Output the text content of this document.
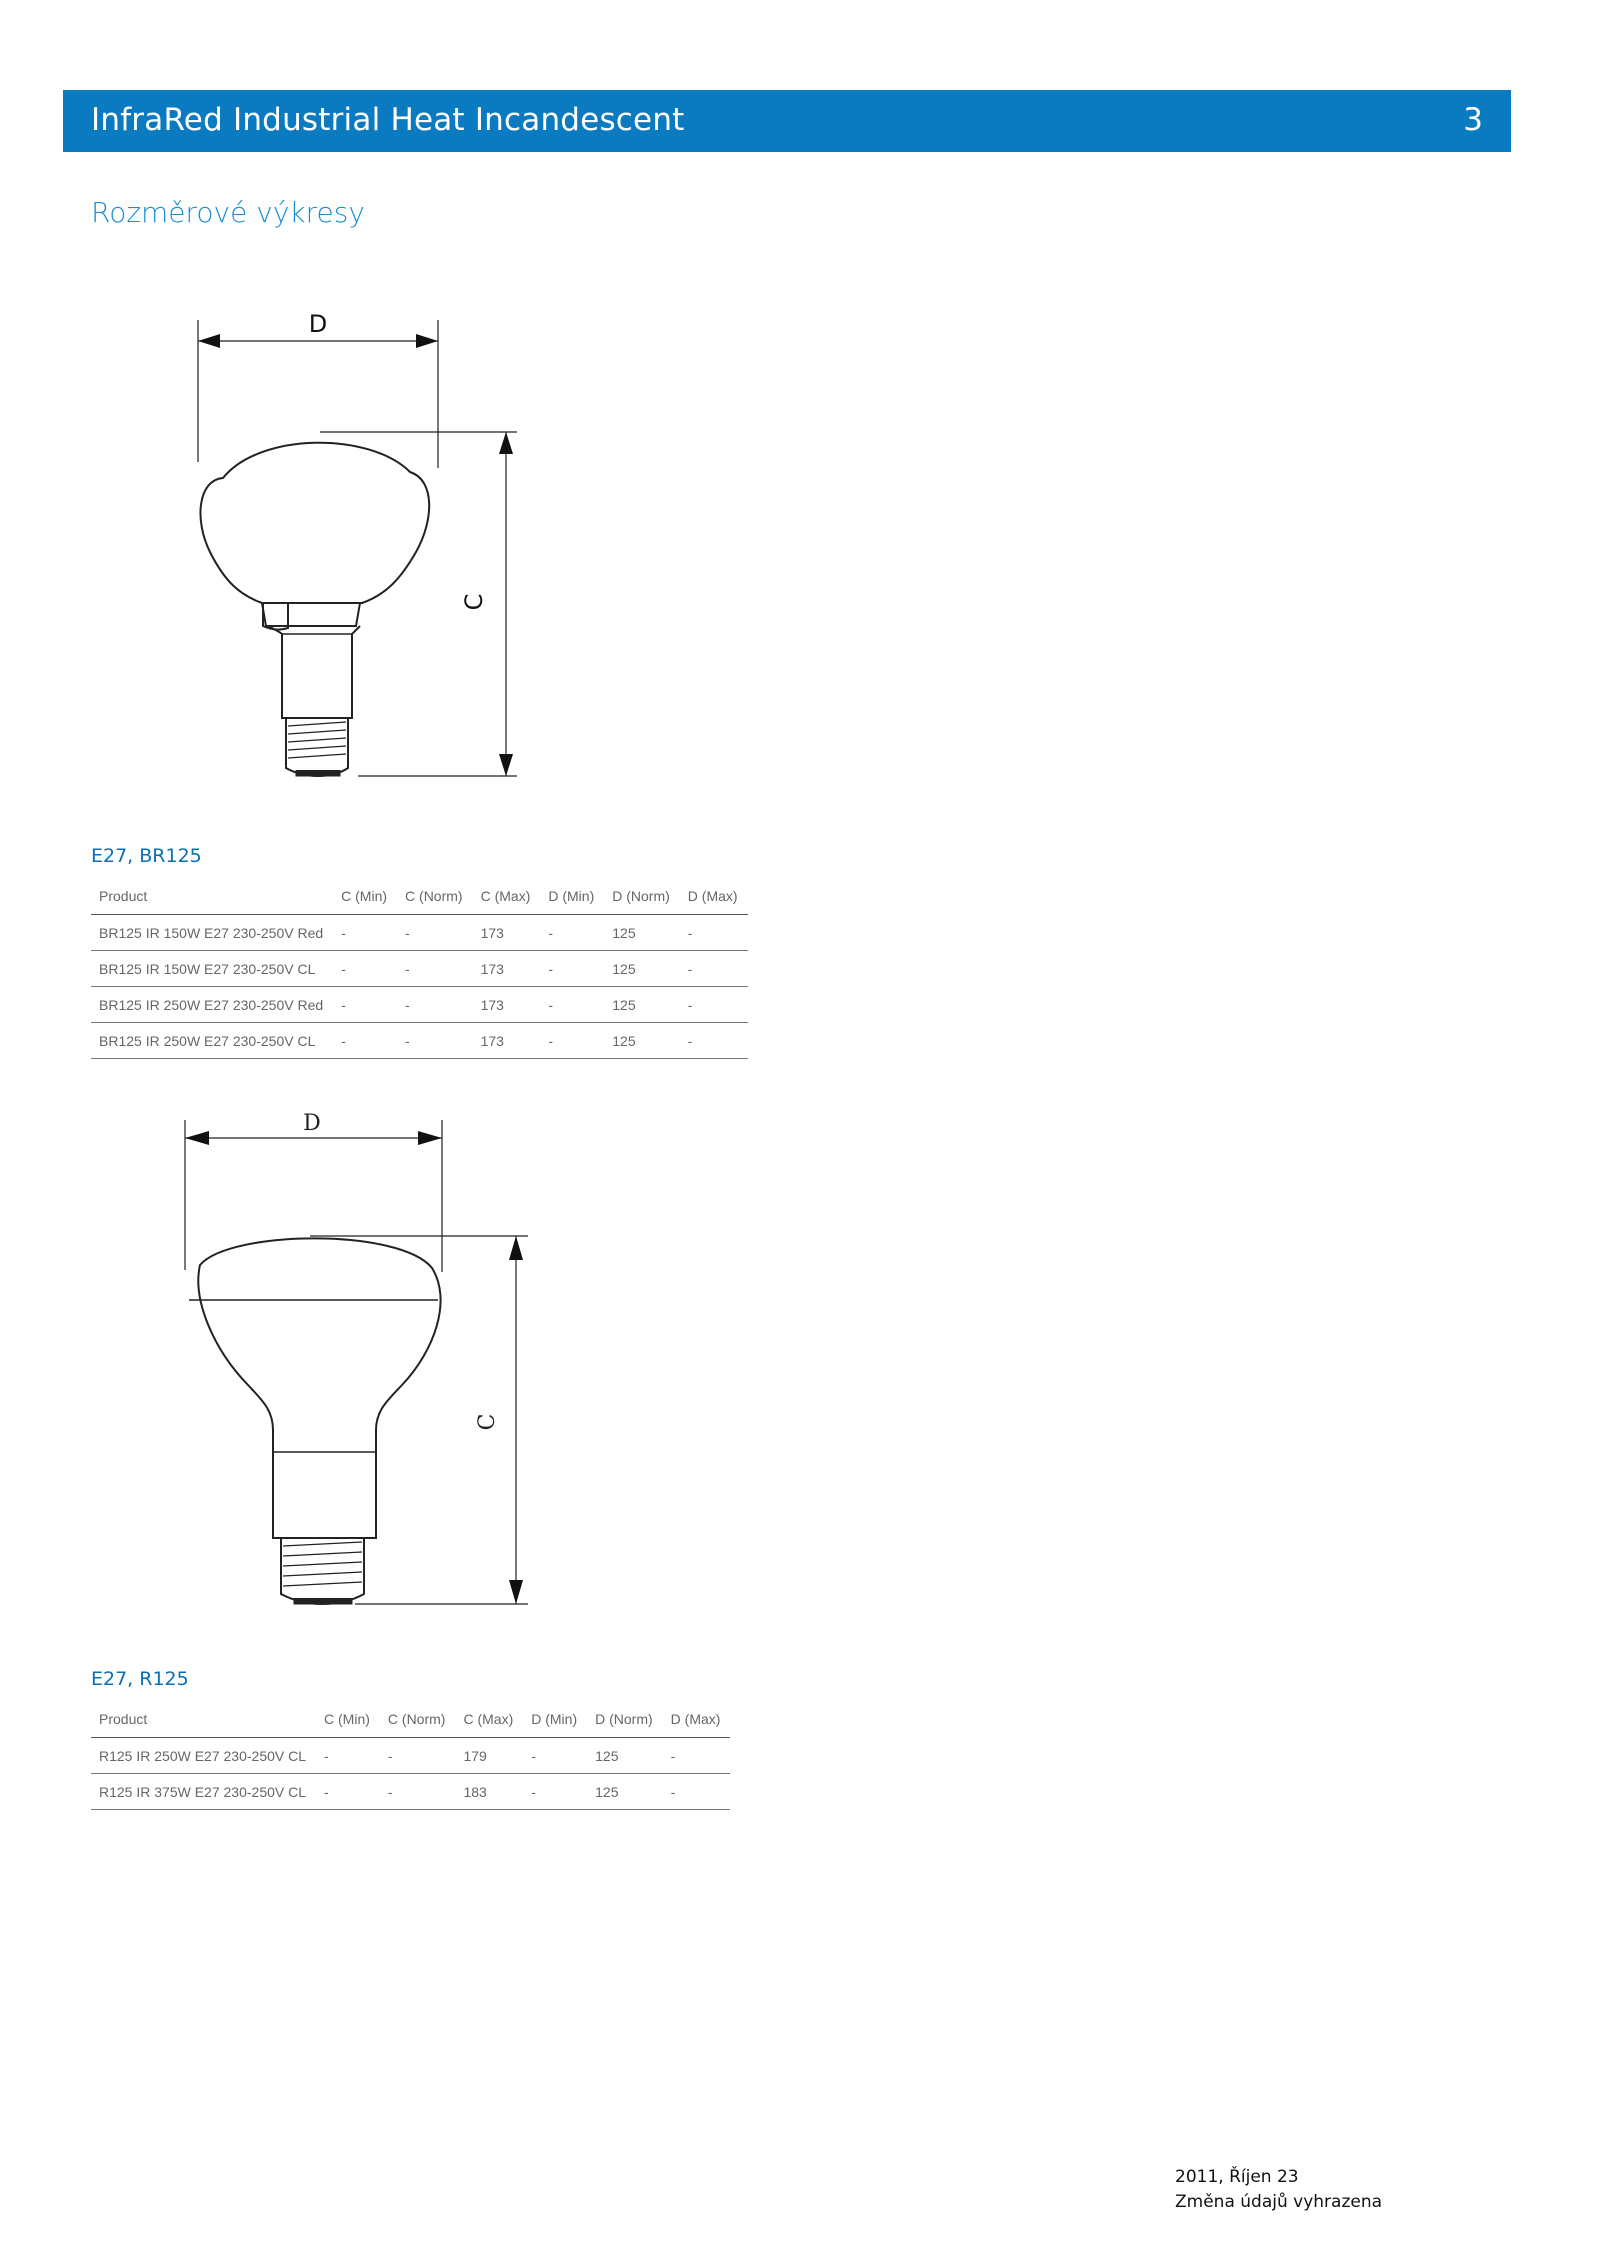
InfraRed Industrial Heat Incandescent	3
Rozměrové výkresy
D
C
E27, BR125
Product	C (Min)	C (Norm)	C (Max)	D (Min)	D (Norm)	D (Max)
BR125 IR 150W E27 230-250V Red	-	-	173	-	125	-
BR125 IR 150W E27 230-250V CL	-	-	173	-	125	-
BR125 IR 250W E27 230-250V Red	-	-	173	-	125	-
BR125 IR 250W E27 230-250V CL	-	-	173	-	125	-
D
C
E27, R125
Product	C (Min)	C (Norm)	C (Max)	D (Min)	D (Norm)	D (Max)
R125 IR 250W E27 230-250V CL	-	-	179	-	125	-
R125 IR 375W E27 230-250V CL	-	-	183	-	125	-
2011, Říjen 23
Změna údajů vyhrazena
